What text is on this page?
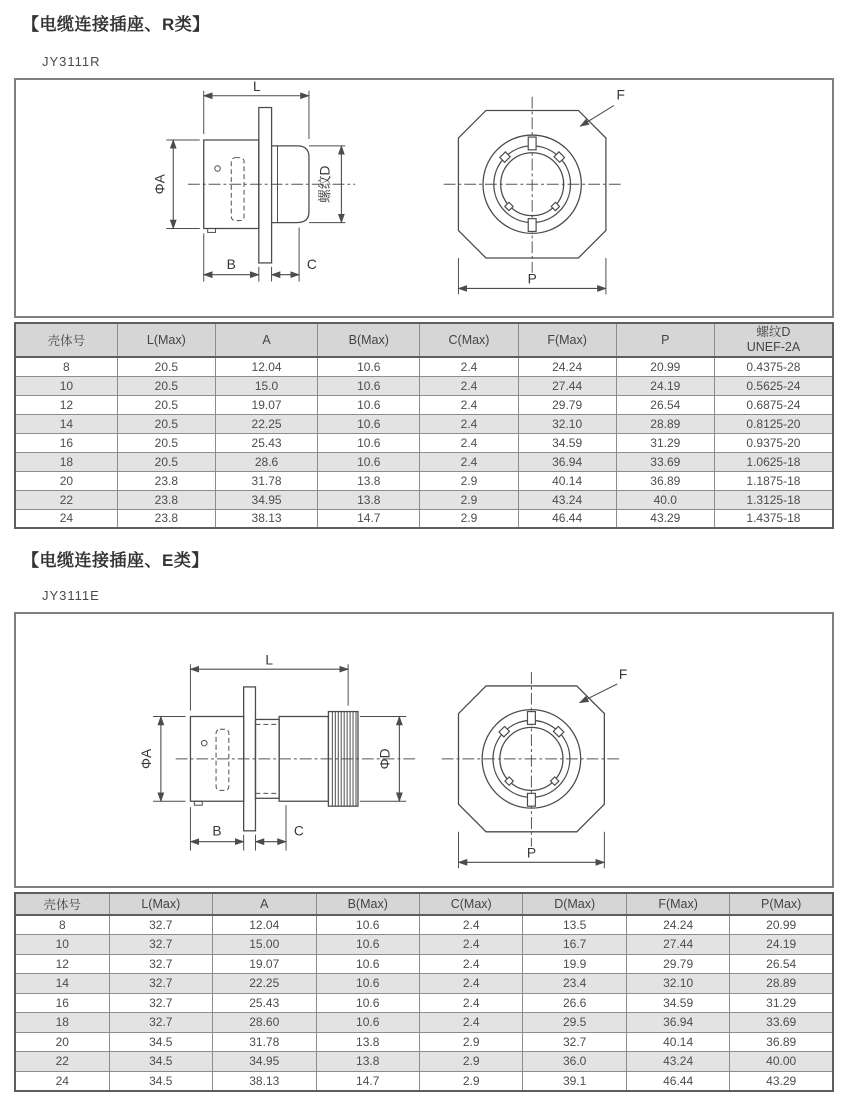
【电缆连接插座、R类】
JY3111R
L
ΦA	螺纹D
B	C
F
P
壳体号	L(Max)	A	B(Max)	C(Max)	F(Max)	P	螺纹D
UNEF-2A

8	20.5	12.04	10.6	2.4	24.24	20.99	0.4375-28
10	20.5	15.0	10.6	2.4	27.44	24.19	0.5625-24
12	20.5	19.07	10.6	2.4	29.79	26.54	0.6875-24
14	20.5	22.25	10.6	2.4	32.10	28.89	0.8125-20
16	20.5	25.43	10.6	2.4	34.59	31.29	0.9375-20
18	20.5	28.6	10.6	2.4	36.94	33.69	1.0625-18
20	23.8	31.78	13.8	2.9	40.14	36.89	1.1875-18
22	23.8	34.95	13.8	2.9	43.24	40.0	1.3125-18
24	23.8	38.13	14.7	2.9	46.44	43.29	1.4375-18
【电缆连接插座、E类】
JY3111E
L
ΦA	ΦD
B	C
F
P
壳体号	L(Max)	A	B(Max)	C(Max)	D(Max)	F(Max)	P(Max)
8	32.7	12.04	10.6	2.4	13.5	24.24	20.99
10	32.7	15.00	10.6	2.4	16.7	27.44	24.19
12	32.7	19.07	10.6	2.4	19.9	29.79	26.54
14	32.7	22.25	10.6	2.4	23.4	32.10	28.89
16	32.7	25.43	10.6	2.4	26.6	34.59	31.29
18	32.7	28.60	10.6	2.4	29.5	36.94	33.69
20	34.5	31.78	13.8	2.9	32.7	40.14	36.89
22	34.5	34.95	13.8	2.9	36.0	43.24	40.00
24	34.5	38.13	14.7	2.9	39.1	46.44	43.29
